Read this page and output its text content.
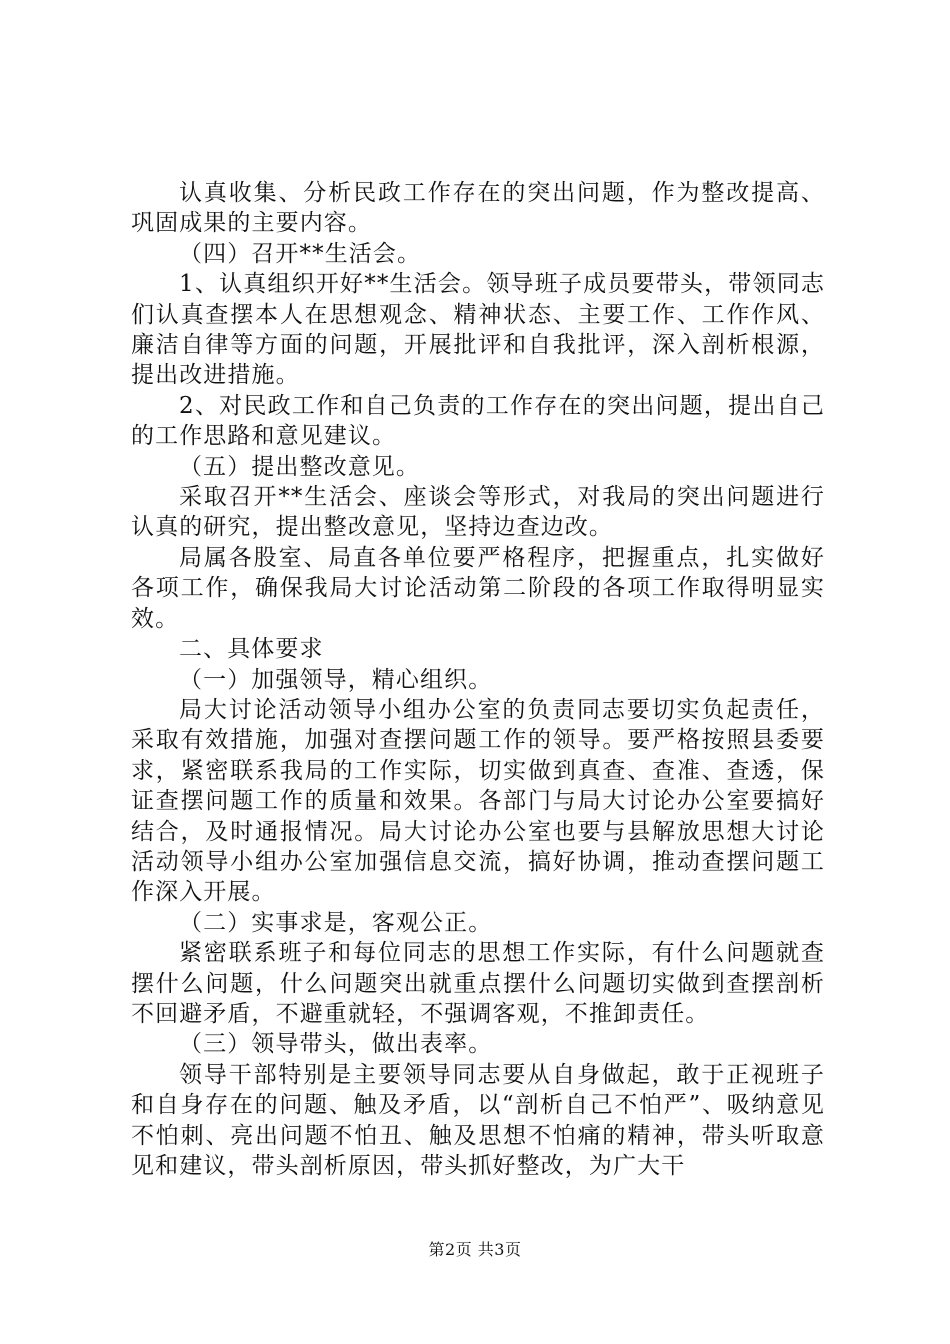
认真收集、分析民政工作存在的突出问题，作为整改提高、巩固成果的主要内容。

（四）召开**生活会。

1、认真组织开好**生活会。领导班子成员要带头，带领同志们认真查摆本人在思想观念、精神状态、主要工作、工作作风、廉洁自律等方面的问题，开展批评和自我批评，深入剖析根源，提出改进措施。

2、对民政工作和自己负责的工作存在的突出问题，提出自己的工作思路和意见建议。

（五）提出整改意见。

采取召开**生活会、座谈会等形式，对我局的突出问题进行认真的研究，提出整改意见，坚持边查边改。

局属各股室、局直各单位要严格程序，把握重点，扎实做好各项工作，确保我局大讨论活动第二阶段的各项工作取得明显实效。

二、具体要求

（一）加强领导，精心组织。

局大讨论活动领导小组办公室的负责同志要切实负起责任，采取有效措施，加强对查摆问题工作的领导。要严格按照县委要求，紧密联系我局的工作实际，切实做到真查、查准、查透，保证查摆问题工作的质量和效果。各部门与局大讨论办公室要搞好结合，及时通报情况。局大讨论办公室也要与县解放思想大讨论活动领导小组办公室加强信息交流，搞好协调，推动查摆问题工作深入开展。

（二）实事求是，客观公正。

紧密联系班子和每位同志的思想工作实际，有什么问题就查摆什么问题，什么问题突出就重点摆什么问题切实做到查摆剖析不回避矛盾，不避重就轻，不强调客观，不推卸责任。

（三）领导带头，做出表率。

领导干部特别是主要领导同志要从自身做起，敢于正视班子和自身存在的问题、触及矛盾，以“剖析自己不怕严”、吸纳意见不怕刺、亮出问题不怕丑、触及思想不怕痛的精神，带头听取意见和建议，带头剖析原因，带头抓好整改，为广大干

第2页 共3页
